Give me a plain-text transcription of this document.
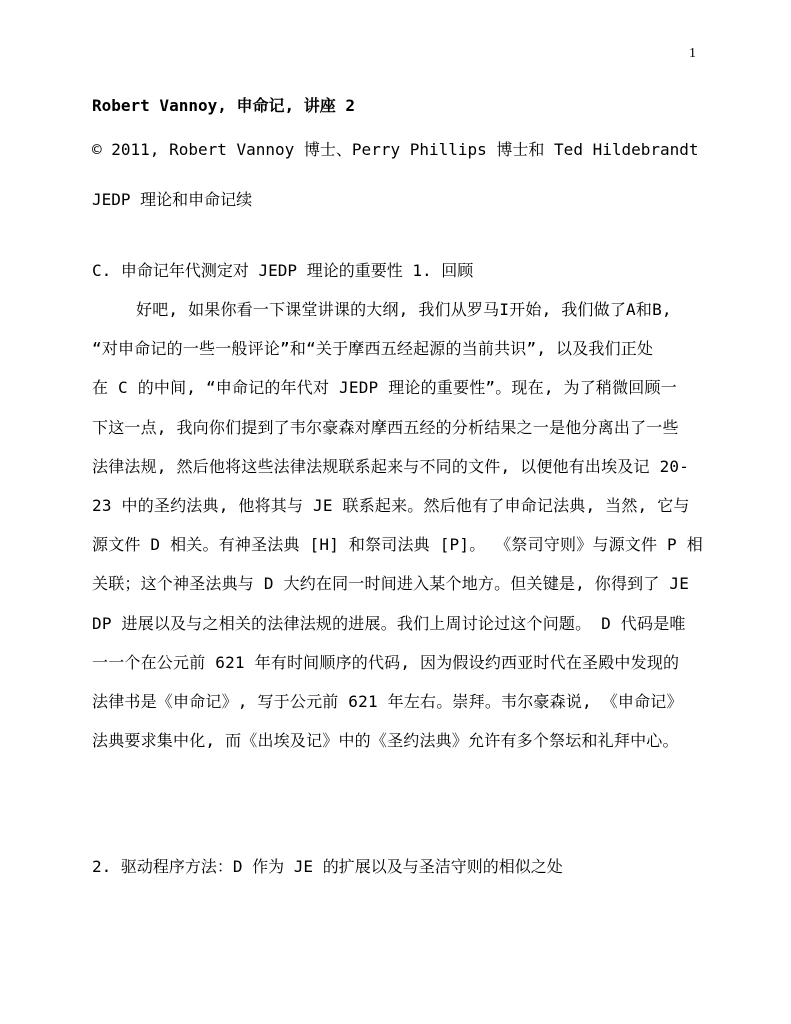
1
Robert Vannoy, 申命记, 讲座 2
© 2011, Robert Vannoy 博士、Perry Phillips 博士和 Ted Hildebrandt
JEDP 理论和申命记续
C. 申命记年代测定对 JEDP 理论的重要性 1. 回顾
好吧, 如果你看一下课堂讲课的大纲, 我们从罗马I开始, 我们做了A和B,
“对申命记的一些一般评论”和“关于摩西五经起源的当前共识”, 以及我们正处
在 C 的中间, “申命记的年代对 JEDP 理论的重要性”。现在, 为了稍微回顾一
下这一点, 我向你们提到了韦尔豪森对摩西五经的分析结果之一是他分离出了一些
法律法规, 然后他将这些法律法规联系起来与不同的文件, 以便他有出埃及记 20-
23 中的圣约法典, 他将其与 JE 联系起来。然后他有了申命记法典, 当然, 它与
源文件 D 相关。有神圣法典 [H] 和祭司法典 [P]。 《祭司守则》与源文件 P 相
关联；这个神圣法典与 D 大约在同一时间进入某个地方。但关键是, 你得到了 JE
DP 进展以及与之相关的法律法规的进展。我们上周讨论过这个问题。 D 代码是唯
一一个在公元前 621 年有时间顺序的代码, 因为假设约西亚时代在圣殿中发现的
法律书是《申命记》, 写于公元前 621 年左右。崇拜。韦尔豪森说, 《申命记》
法典要求集中化, 而《出埃及记》中的《圣约法典》允许有多个祭坛和礼拜中心。
2. 驱动程序方法：D 作为 JE 的扩展以及与圣洁守则的相似之处
